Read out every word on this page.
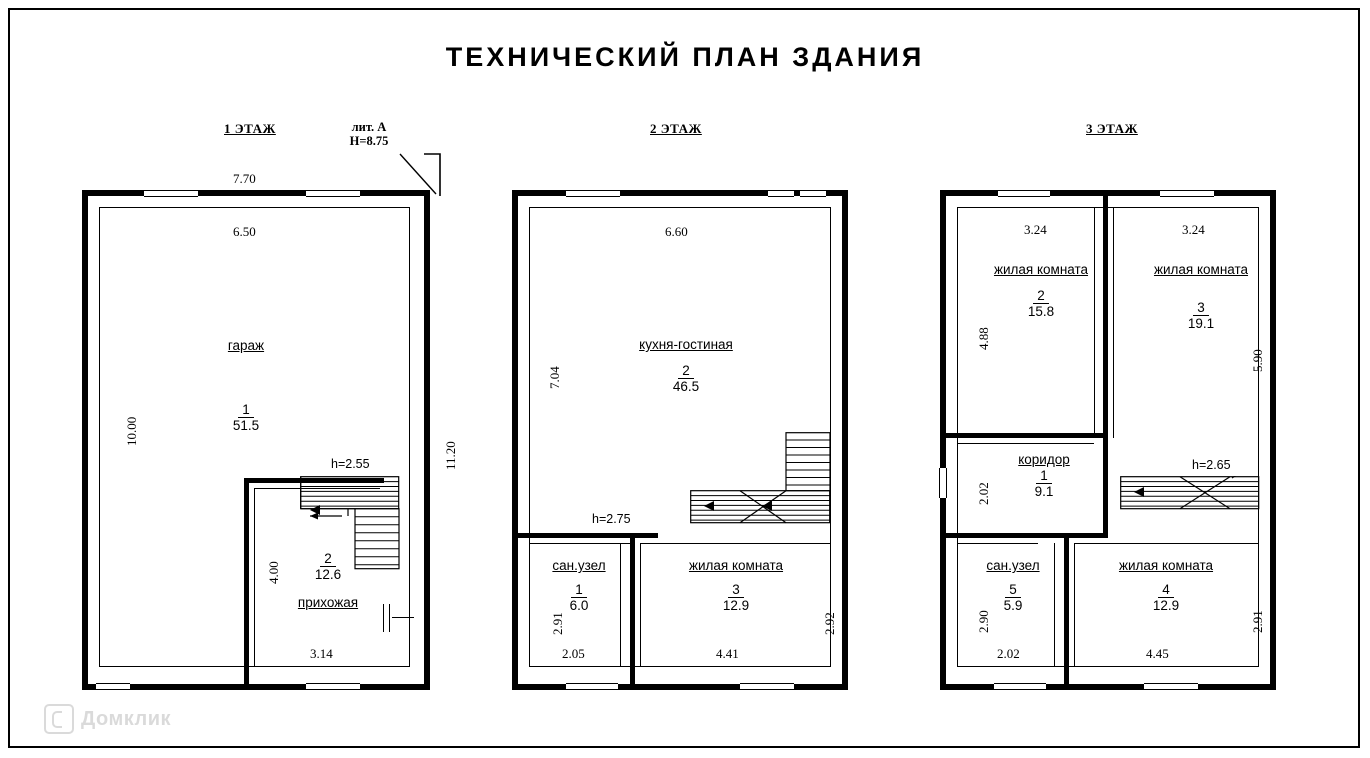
ТЕХНИЧЕСКИЙ ПЛАН ЗДАНИЯ
1 ЭТАЖ	лит. А
H=8.75
гараж
1
51.5
2
12.6
прихожая
h=2.55
7.70
6.50
10.00
11.20
4.00
3.14
2 ЭТАЖ
кухня-гостиная
2
46.5
сан.узел
1
6.0
жилая комната
3
12.9
h=2.75
6.60
7.04
2.91	2.92
2.05	4.41
3 ЭТАЖ
жилая комната
2
15.8
жилая комната
3
19.1
коридор
1
9.1
сан.узел
5
5.9
жилая комната
4
12.9
h=2.65
3.24	3.24
4.88
5.90
2.02
2.90	2.91
2.02	4.45
Домклик
